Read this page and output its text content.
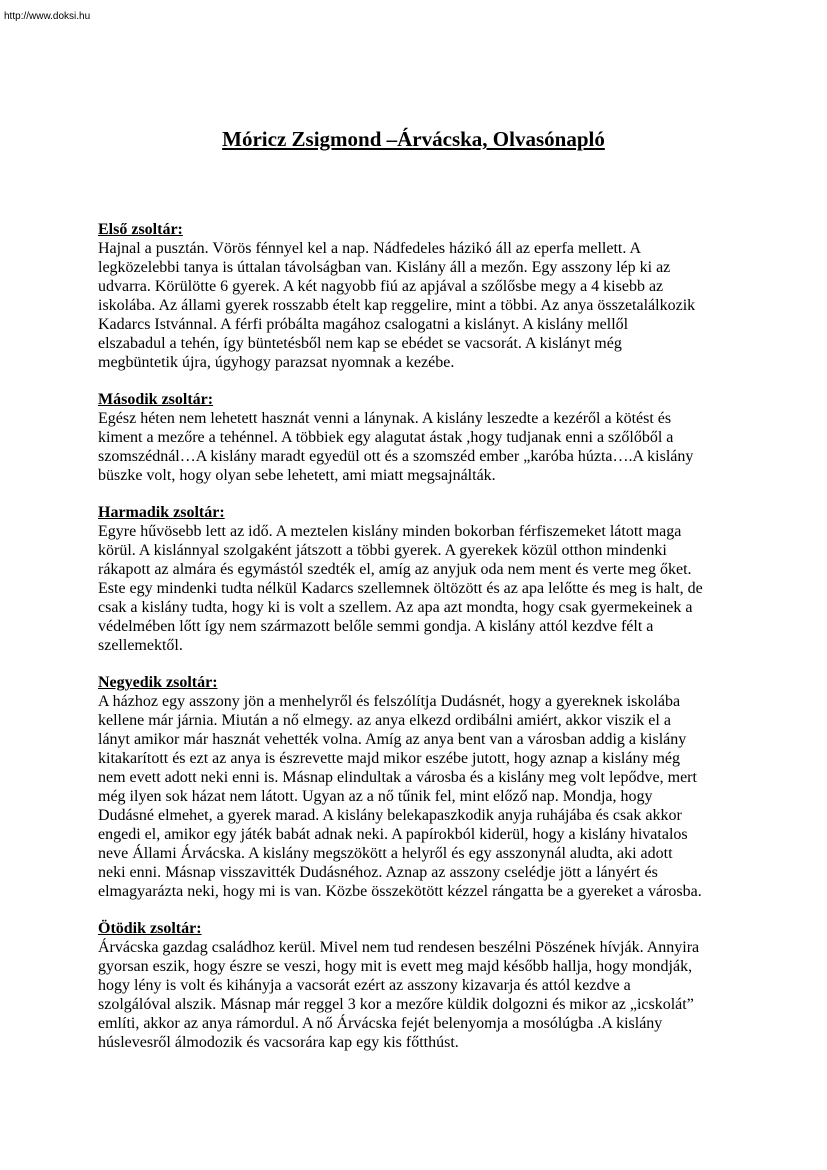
http://www.doksi.hu
Móricz Zsigmond –Árvácska, Olvasónapló
Első zsoltár:
Hajnal a pusztán. Vörös fénnyel kel a nap. Nádfedeles házikó áll az eperfa mellett. A
legközelebbi tanya is úttalan távolságban van. Kislány áll a mezőn. Egy asszony lép ki az
udvarra. Körülötte 6 gyerek. A két nagyobb fiú az apjával a szőlősbe megy a 4 kisebb az
iskolába. Az állami gyerek rosszabb ételt kap reggelire, mint a többi. Az anya összetalálkozik
Kadarcs Istvánnal. A férfi próbálta magához csalogatni a kislányt. A kislány mellől
elszabadul a tehén, így büntetésből nem kap se ebédet se vacsorát. A kislányt még
megbüntetik újra, úgyhogy parazsat nyomnak a kezébe.
Második zsoltár:
Egész héten nem lehetett hasznát venni a lánynak. A kislány leszedte a kezéről a kötést és
kiment a mezőre a tehénnel. A többiek egy alagutat ástak ,hogy tudjanak enni a szőlőből a
szomszédnál…A kislány maradt egyedül ott és a szomszéd ember „karóba húzta….A kislány
büszke volt, hogy olyan sebe lehetett, ami miatt megsajnálták.
Harmadik zsoltár:
Egyre hűvösebb lett az idő. A meztelen kislány minden bokorban férfiszemeket látott maga
körül. A kislánnyal szolgaként játszott a többi gyerek. A gyerekek közül otthon mindenki
rákapott az almára és egymástól szedték el, amíg az anyjuk oda nem ment és verte meg őket.
Este egy mindenki tudta nélkül Kadarcs szellemnek öltözött és az apa lelőtte és meg is halt, de
csak a kislány tudta, hogy ki is volt a szellem. Az apa azt mondta, hogy csak gyermekeinek a
védelmében lőtt így nem származott belőle semmi gondja. A kislány attól kezdve félt a
szellemektől.
Negyedik zsoltár:
A házhoz egy asszony jön a menhelyről és felszólítja Dudásnét, hogy a gyereknek iskolába
kellene már járnia. Miután a nő elmegy. az anya elkezd ordibálni amiért, akkor viszik el a
lányt amikor már hasznát vehették volna. Amíg az anya bent van a városban addig a kislány
kitakarított és ezt az anya is észrevette majd mikor eszébe jutott, hogy aznap a kislány még
nem evett adott neki enni is. Másnap elindultak a városba és a kislány meg volt lepődve, mert
még ilyen sok házat nem látott. Ugyan az a nő tűnik fel, mint előző nap. Mondja, hogy
Dudásné elmehet, a gyerek marad. A kislány belekapaszkodik anyja ruhájába és csak akkor
engedi el, amikor egy játék babát adnak neki. A papírokból kiderül, hogy a kislány hivatalos
neve Állami Árvácska. A kislány megszökött a helyről és egy asszonynál aludta, aki adott
neki enni. Másnap visszavitték Dudásnéhoz. Aznap az asszony cselédje jött a lányért és
elmagyarázta neki, hogy mi is van. Közbe összekötött kézzel rángatta be a gyereket a városba.
Ötödik zsoltár:
Árvácska gazdag családhoz kerül. Mivel nem tud rendesen beszélni Pöszének hívják. Annyira
gyorsan eszik, hogy észre se veszi, hogy mit is evett meg majd később hallja, hogy mondják,
hogy lény is volt és kihányja a vacsorát ezért az asszony kizavarja és attól kezdve a
szolgálóval alszik. Másnap már reggel 3 kor a mezőre küldik dolgozni és mikor az „icskolát”
említi, akkor az anya rámordul. A nő Árvácska fejét belenyomja a mosólúgba .A kislány
húslevesről álmodozik és vacsorára kap egy kis főtthúst.
